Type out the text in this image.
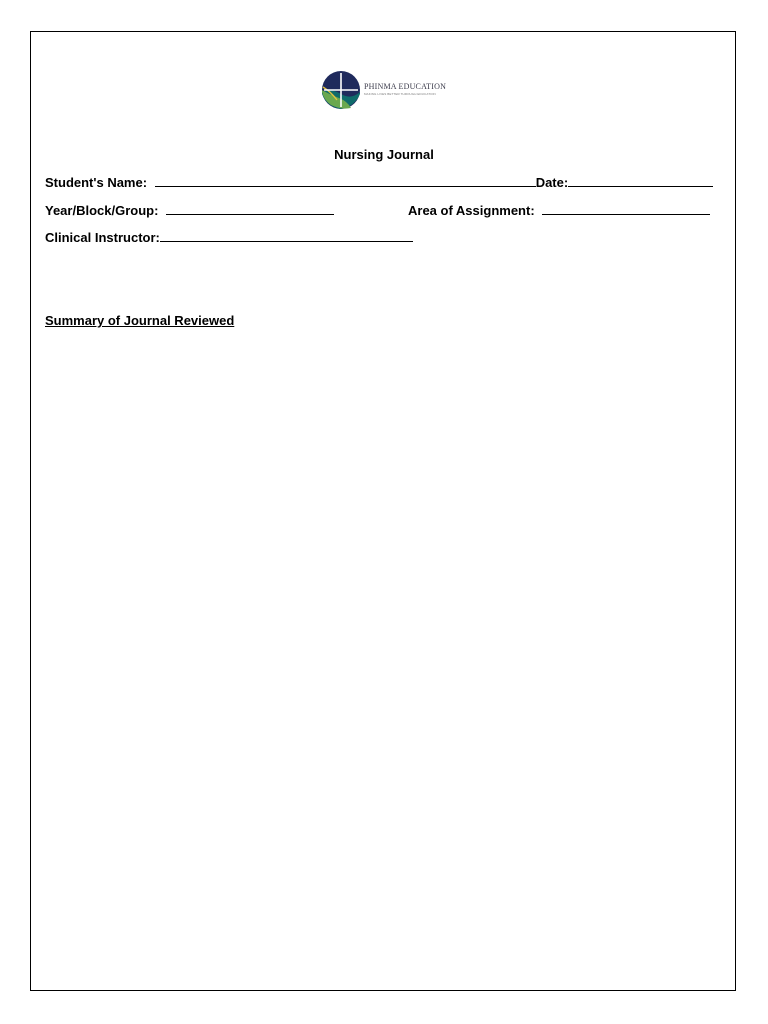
PHINMA EDUCATION
MAKING LIVES BETTER THROUGH EDUCATION
Nursing Journal
Student's Name:	Date:
Year/Block/Group:	Area of Assignment:
Clinical Instructor:
Summary of Journal Reviewed
